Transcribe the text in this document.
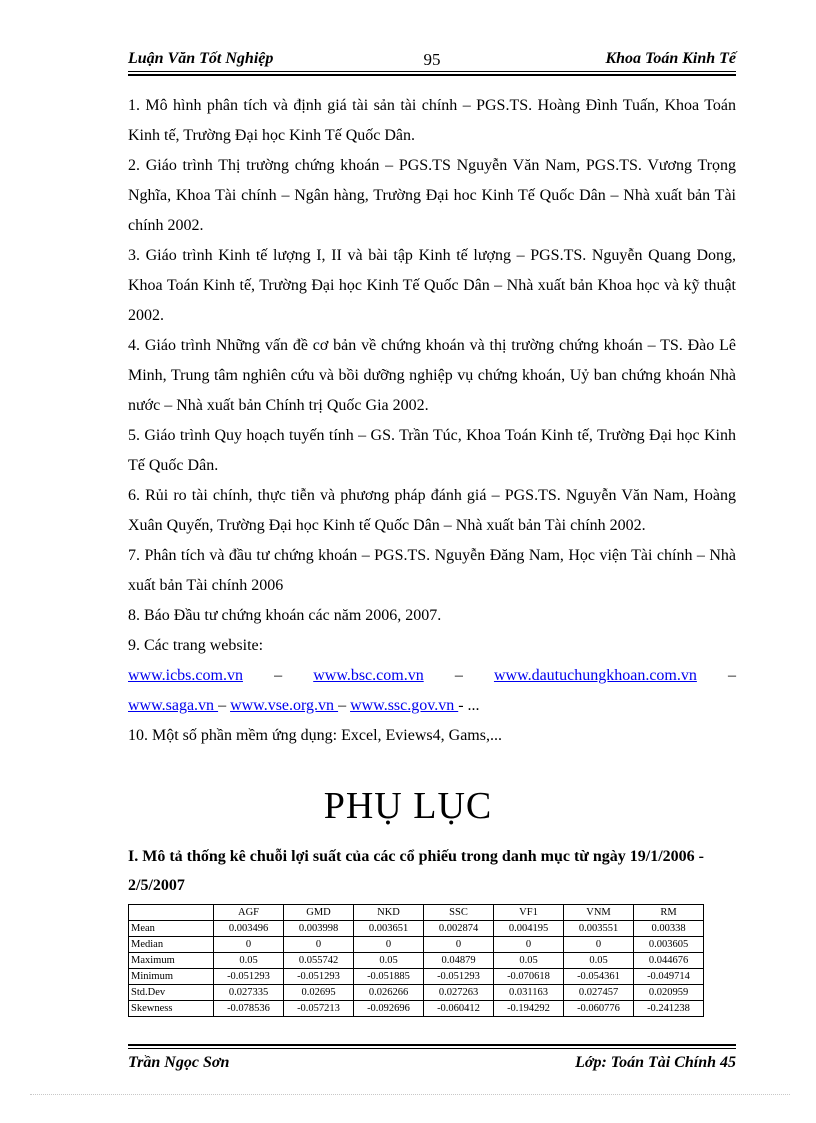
Luận Văn Tốt Nghiệp	95	Khoa Toán Kinh Tế

1. Mô hình phân tích và định giá tài sản tài chính – PGS.TS. Hoàng Đình Tuấn, Khoa Toán Kinh tế, Trường Đại học Kinh Tế Quốc Dân.

2. Giáo trình Thị trường chứng khoán – PGS.TS Nguyễn Văn Nam, PGS.TS. Vương Trọng Nghĩa, Khoa Tài chính – Ngân hàng, Trường Đại hoc Kinh Tế Quốc Dân – Nhà xuất bản Tài chính 2002.

3. Giáo trình Kinh tế lượng I, II và bài tập Kinh tế lượng – PGS.TS. Nguyễn Quang Dong, Khoa Toán Kinh tế, Trường Đại học Kinh Tế Quốc Dân – Nhà xuất bản Khoa học và kỹ thuật 2002.

4. Giáo trình Những vấn đề cơ bản về chứng khoán và thị trường chứng khoán – TS. Đào Lê Minh, Trung tâm nghiên cứu và bồi dưỡng nghiệp vụ chứng khoán, Uỷ ban chứng khoán Nhà nước – Nhà xuất bản Chính trị Quốc Gia 2002.

5. Giáo trình Quy hoạch tuyến tính – GS. Trần Túc, Khoa Toán Kinh tế, Trường Đại học Kinh Tế Quốc Dân.

6. Rủi ro tài chính, thực tiễn và phương pháp đánh giá – PGS.TS. Nguyễn Văn Nam, Hoàng Xuân Quyến, Trường Đại học Kinh tế Quốc Dân – Nhà xuất bản Tài chính 2002.

7. Phân tích và đầu tư chứng khoán – PGS.TS. Nguyễn Đăng Nam, Học viện Tài chính – Nhà xuất bản Tài chính 2006

8. Báo Đầu tư chứng khoán các năm 2006, 2007.

9. Các trang website:

www.icbs.com.vn – www.bsc.com.vn – www.dautuchungkhoan.com.vn –
www.saga.vn – www.vse.org.vn – www.ssc.gov.vn - ...

10. Một số phần mềm ứng dụng: Excel, Eviews4, Gams,...

PHỤ LỤC
I. Mô tả thống kê chuỗi lợi suất của các cổ phiếu trong danh mục từ ngày 19/1/2006 - 2/5/2007
	AGF	GMD	NKD	SSC	VF1	VNM	RM
Mean	0.003496	0.003998	0.003651	0.002874	0.004195	0.003551	0.00338
Median	0	0	0	0	0	0	0.003605
Maximum	0.05	0.055742	0.05	0.04879	0.05	0.05	0.044676
Minimum	-0.051293	-0.051293	-0.051885	-0.051293	-0.070618	-0.054361	-0.049714
Std.Dev	0.027335	0.02695	0.026266	0.027263	0.031163	0.027457	0.020959
Skewness	-0.078536	-0.057213	-0.092696	-0.060412	-0.194292	-0.060776	-0.241238
Trần Ngọc Sơn	Lớp: Toán Tài Chính 45
